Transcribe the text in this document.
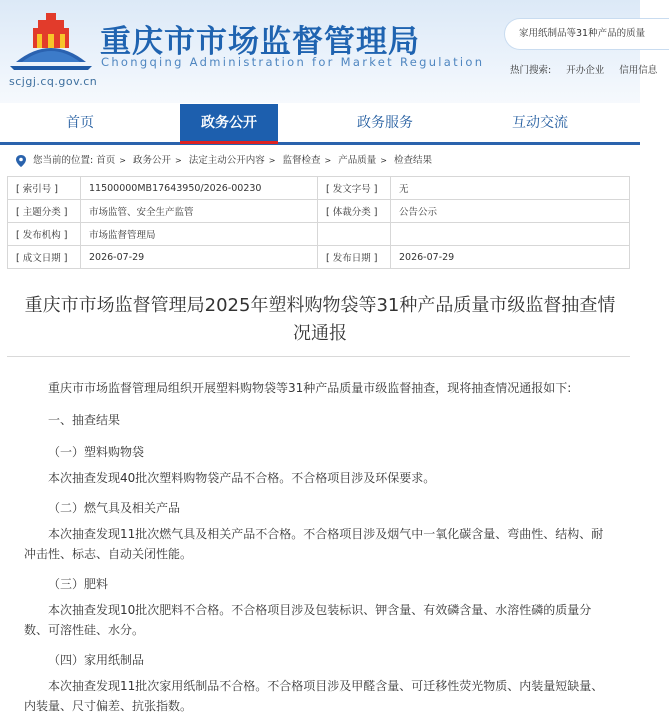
重庆市市场监督管理局
Chongqing Administration for Market Regulation
scjgj.cq.gov.cn
家用纸制品等31种产品的质量
热门搜索: 开办企业 信用信息
首页	政务公开	政务服务	互动交流
您当前的位置: 首页 > 政务公开 > 法定主动公开内容 > 监督检查 > 产品质量 > 检查结果
[ 索引号 ]	11500000MB17643950/2026-00230	[ 发文字号 ]	无
[ 主题分类 ]	市场监管、安全生产监管	[ 体裁分类 ]	公告公示
[ 发布机构 ]	市场监督管理局		
[ 成文日期 ]	2026-07-29	[ 发布日期 ]	2026-07-29
重庆市市场监督管理局2025年塑料购物袋等31种产品质量市级监督抽查情况通报

重庆市市场监督管理局组织开展塑料购物袋等31种产品质量市级监督抽查，现将抽查情况通报如下:

一、抽查结果

（一）塑料购物袋

本次抽查发现40批次塑料购物袋产品不合格。不合格项目涉及环保要求。

（二）燃气具及相关产品

本次抽查发现11批次燃气具及相关产品不合格。不合格项目涉及烟气中一氧化碳含量、弯曲性、结构、耐冲击性、标志、自动关闭性能。

（三）肥料

本次抽查发现10批次肥料不合格。不合格项目涉及包装标识、钾含量、有效磷含量、水溶性磷的质量分数、可溶性硅、水分。

（四）家用纸制品

本次抽查发现11批次家用纸制品不合格。不合格项目涉及甲醛含量、可迁移性荧光物质、内装量短缺量、内装量、尺寸偏差、抗张指数。
